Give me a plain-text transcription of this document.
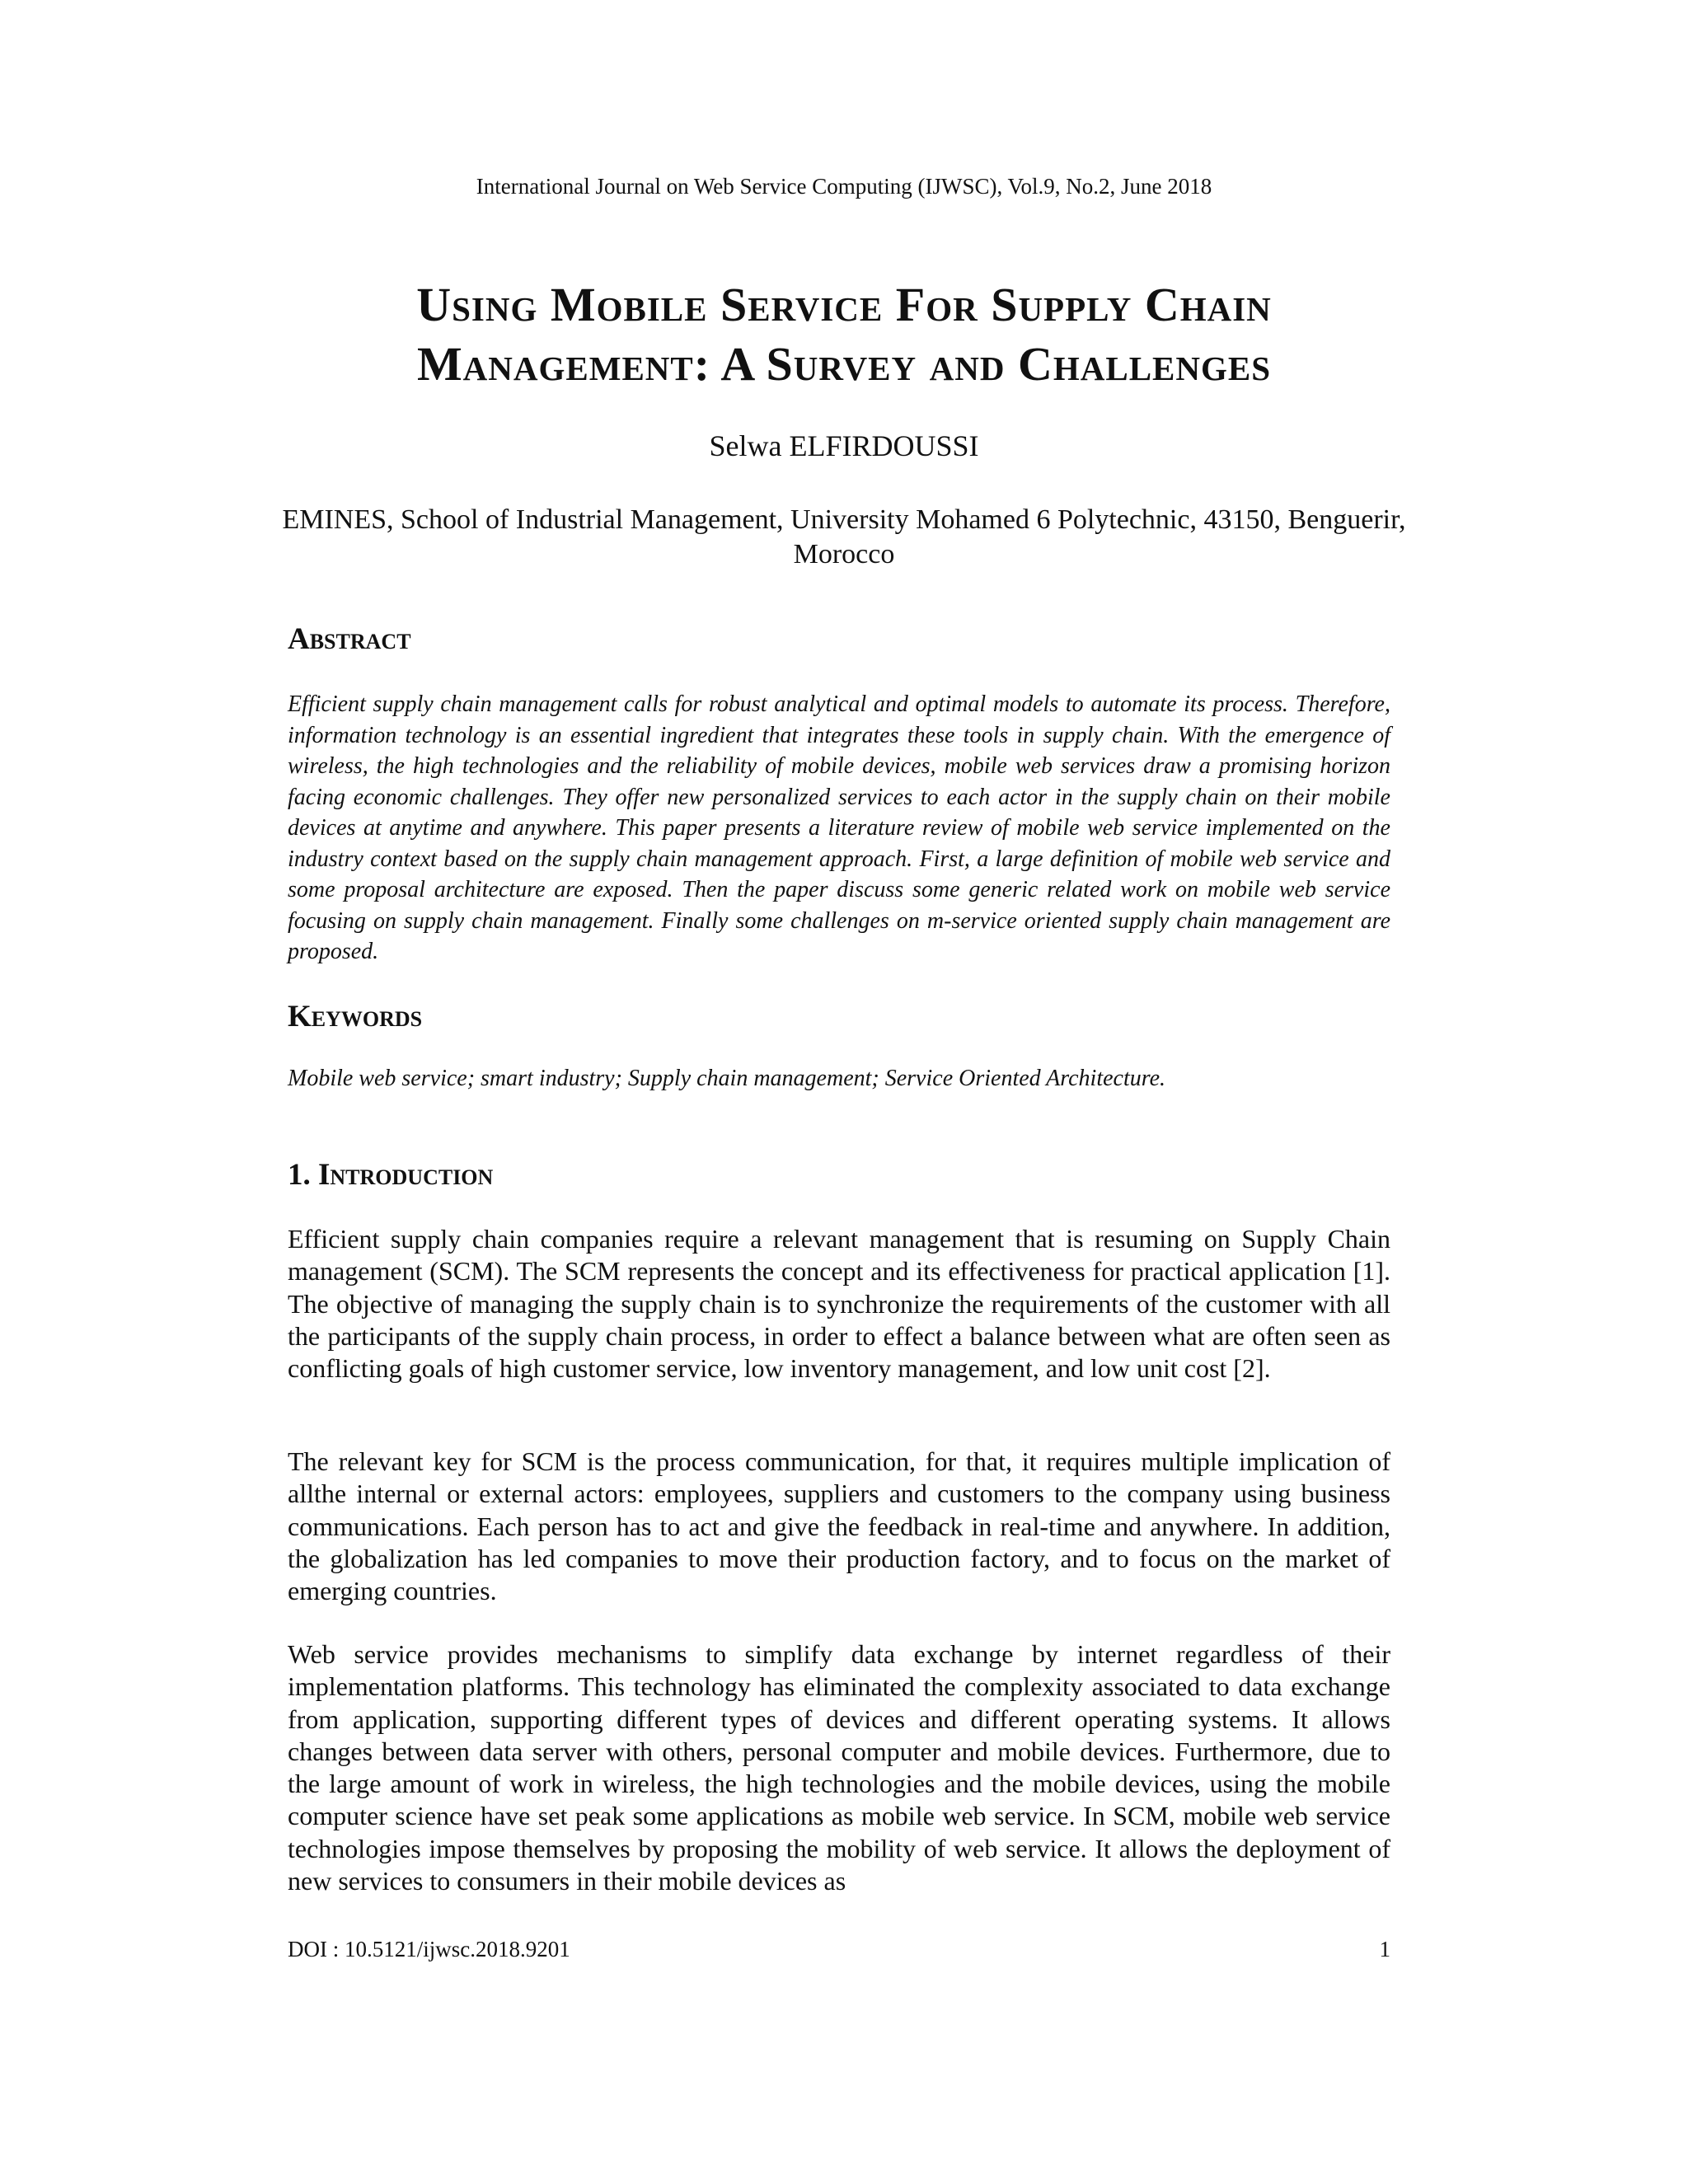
International Journal on Web Service Computing (IJWSC), Vol.9, No.2, June 2018
Using Mobile Service For Supply Chain
Management: A Survey and Challenges
Selwa ELFIRDOUSSI
EMINES, School of Industrial Management, University Mohamed 6 Polytechnic, 43150, Benguerir, Morocco
Abstract

Efficient supply chain management calls for robust analytical and optimal models to automate its process. Therefore, information technology is an essential ingredient that integrates these tools in supply chain. With the emergence of wireless, the high technologies and the reliability of mobile devices, mobile web services draw a promising horizon facing economic challenges. They offer new personalized services to each actor in the supply chain on their mobile devices at anytime and anywhere. This paper presents a literature review of mobile web service implemented on the industry context based on the supply chain management approach. First, a large definition of mobile web service and some proposal architecture are exposed. Then the paper discuss some generic related work on mobile web service focusing on supply chain management. Finally some challenges on m-service oriented supply chain management are proposed.

Keywords

Mobile web service; smart industry; Supply chain management; Service Oriented Architecture.

1. Introduction

Efficient supply chain companies require a relevant management that is resuming on Supply Chain management (SCM). The SCM represents the concept and its effectiveness for practical application [1]. The objective of managing the supply chain is to synchronize the requirements of the customer with all the participants of the supply chain process, in order to effect a balance between what are often seen as conflicting goals of high customer service, low inventory management, and low unit cost [2].

The relevant key for SCM is the process communication, for that, it requires multiple implication of allthe internal or external actors: employees, suppliers and customers to the company using business communications. Each person has to act and give the feedback in real-time and anywhere. In addition, the globalization has led companies to move their production factory, and to focus on the market of emerging countries.

Web service provides mechanisms to simplify data exchange by internet regardless of their implementation platforms. This technology has eliminated the complexity associated to data exchange from application, supporting different types of devices and different operating systems. It allows changes between data server with others, personal computer and mobile devices. Furthermore, due to the large amount of work in wireless, the high technologies and the mobile devices, using the mobile computer science have set peak some applications as mobile web service. In SCM, mobile web service technologies impose themselves by proposing the mobility of web service. It allows the deployment of new services to consumers in their mobile devices as

DOI : 10.5121/ijwsc.2018.9201	1
